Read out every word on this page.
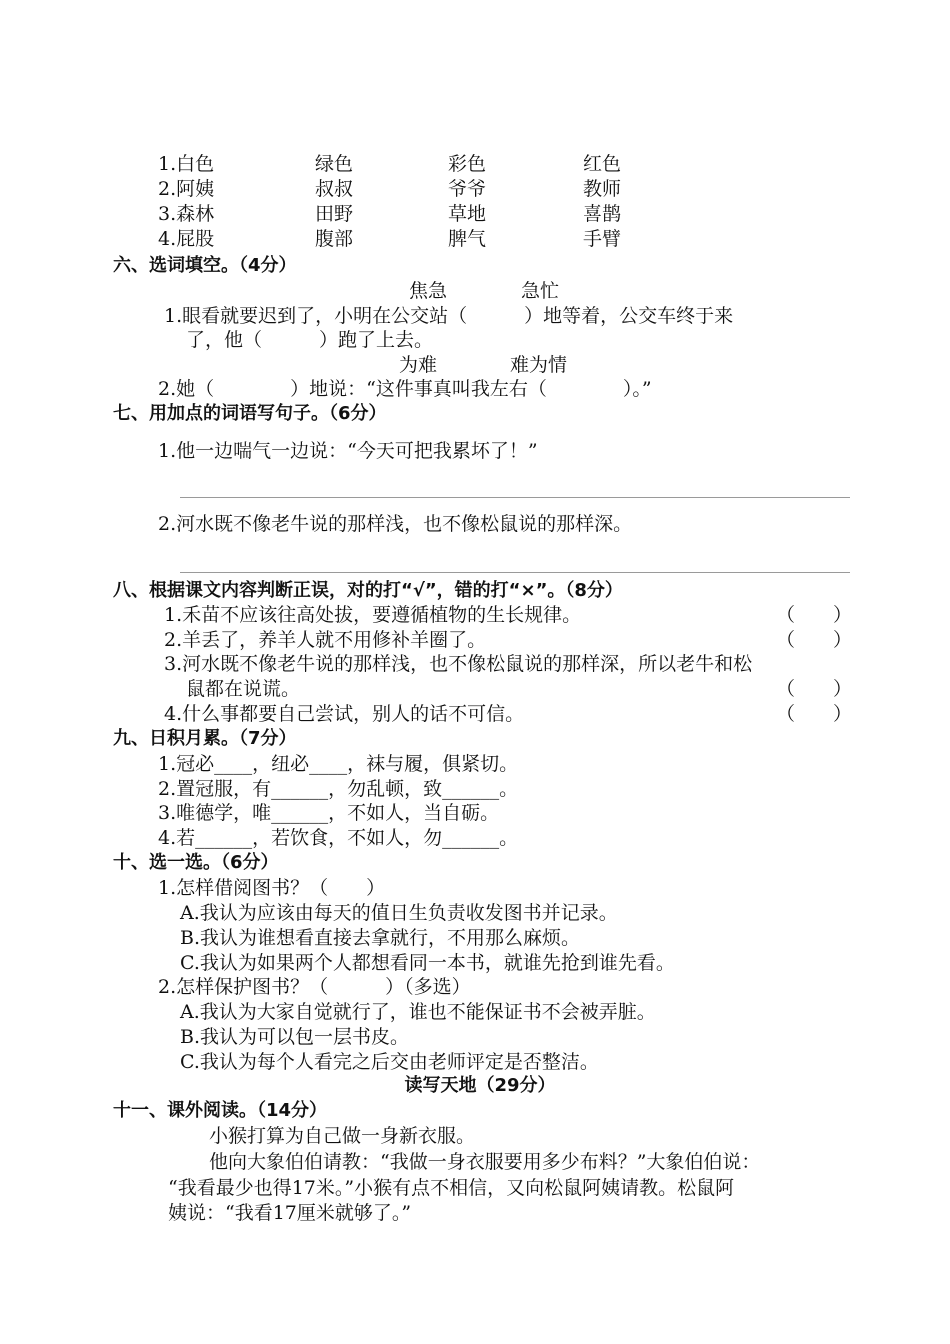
1.白色	绿色	彩色	红色
2.阿姨	叔叔	爷爷	教师
3.森林	田野	草地	喜鹊
4.屁股	腹部	脾气	手臂
六、选词填空。（4分）
焦急	急忙
1.眼看就要迟到了，小明在公交站（　　　）地等着，公交车终于来
了，他（　　　）跑了上去。
为难	难为情
2.她（　　　　）地说：“这件事真叫我左右（　　　　）。”
七、用加点的词语写句子。（6分）
1.他一边喘气一边说：“今天可把我累坏了！”
2.河水既不像老牛说的那样浅，也不像松鼠说的那样深。
八、根据课文内容判断正误，对的打“√”，错的打“×”。（8分）
1.禾苗不应该往高处拔，要遵循植物的生长规律。	（　　）
2.羊丢了，养羊人就不用修补羊圈了。	（　　）
3.河水既不像老牛说的那样浅，也不像松鼠说的那样深，所以老牛和松
鼠都在说谎。	（　　）
4.什么事都要自己尝试，别人的话不可信。	（　　）
九、日积月累。（7分）
1.冠必____，纽必____，袜与履，俱紧切。
2.置冠服，有______，勿乱顿，致______。
3.唯德学，唯______，不如人，当自砺。
4.若______，若饮食，不如人，勿______。
十、选一选。（6分）
1.怎样借阅图书？（　　）
A.我认为应该由每天的值日生负责收发图书并记录。
B.我认为谁想看直接去拿就行，不用那么麻烦。
C.我认为如果两个人都想看同一本书，就谁先抢到谁先看。
2.怎样保护图书？（　　　）（多选）
A.我认为大家自觉就行了，谁也不能保证书不会被弄脏。
B.我认为可以包一层书皮。
C.我认为每个人看完之后交由老师评定是否整洁。
读写天地（29分）
十一、课外阅读。（14分）
小猴打算为自己做一身新衣服。
他向大象伯伯请教：“我做一身衣服要用多少布料？”大象伯伯说：
“我看最少也得17米。”小猴有点不相信，又向松鼠阿姨请教。松鼠阿
姨说：“我看17厘米就够了。”
